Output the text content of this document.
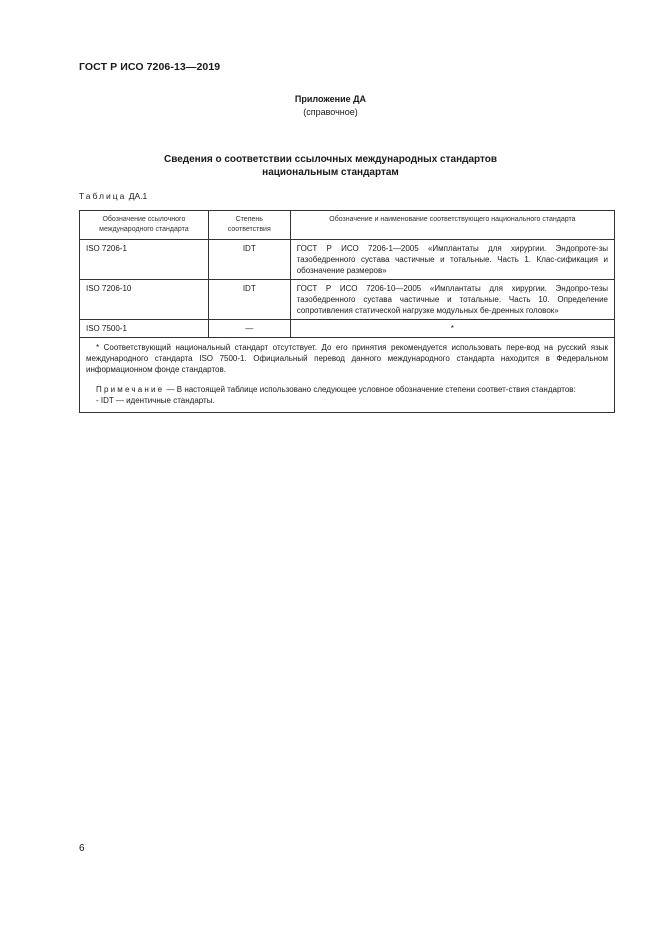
ГОСТ Р ИСО 7206-13—2019
Приложение ДА
(справочное)
Сведения о соответствии ссылочных международных стандартов
национальным стандартам
Таблица ДА.1
Обозначение ссылочного международного стандарта	Степень соответствия	Обозначение и наименование соответствующего национального стандарта
ISO 7206-1	IDT	ГОСТ Р ИСО 7206-1—2005 «Имплантаты для хирургии. Эндопроте-зы тазобедренного сустава частичные и тотальные. Часть 1. Клас-сификация и обозначение размеров»
ISO 7206-10	IDT	ГОСТ Р ИСО 7206-10—2005 «Имплантаты для хирургии. Эндопро-тезы тазобедренного сустава частичные и тотальные. Часть 10. Определение сопротивления статической нагрузке модульных бе-дренных головок»
ISO 7500-1	—	*

* Соответствующий национальный стандарт отсутствует. До его принятия рекомендуется использовать пере-вод на русский язык международного стандарта ISO 7500-1. Официальный перевод данного международного стандарта находится в Федеральном информационном фонде стандартов.

Примечание — В настоящей таблице использовано следующее условное обозначение степени соответ-ствия стандартов:

- IDT — идентичные стандарты.		

6
